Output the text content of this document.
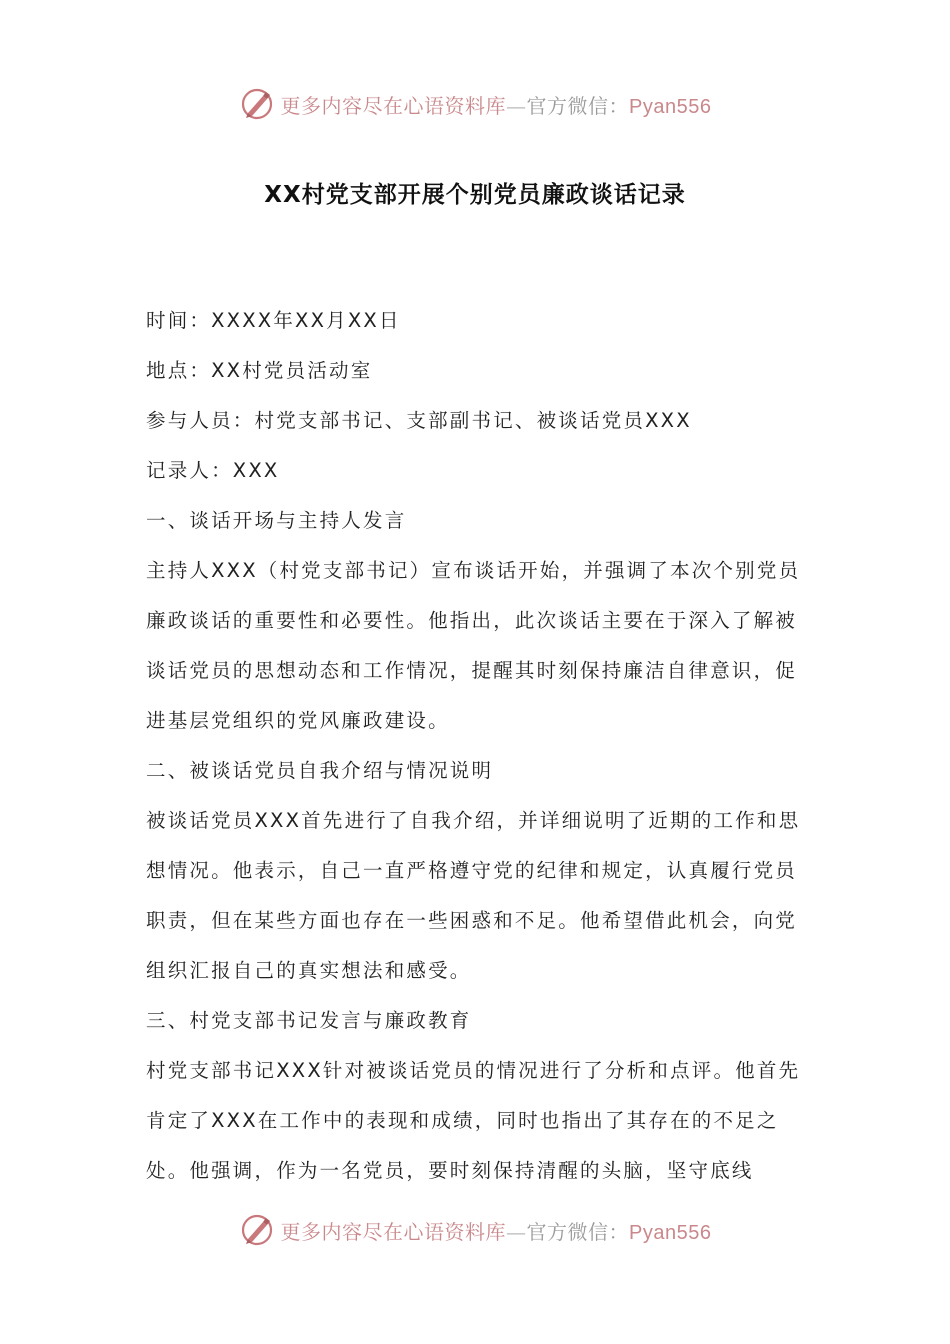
更多内容尽在心语资料库—官方微信：Pyan556
XX村党支部开展个别党员廉政谈话记录

时间：XXXX年XX月XX日

地点：XX村党员活动室

参与人员：村党支部书记、支部副书记、被谈话党员XXX

记录人：XXX

一、谈话开场与主持人发言

主持人XXX（村党支部书记）宣布谈话开始，并强调了本次个别党员廉政谈话的重要性和必要性。他指出，此次谈话主要在于深入了解被谈话党员的思想动态和工作情况，提醒其时刻保持廉洁自律意识，促进基层党组织的党风廉政建设。

二、被谈话党员自我介绍与情况说明

被谈话党员XXX首先进行了自我介绍，并详细说明了近期的工作和思想情况。他表示，自己一直严格遵守党的纪律和规定，认真履行党员职责，但在某些方面也存在一些困惑和不足。他希望借此机会，向党组织汇报自己的真实想法和感受。

三、村党支部书记发言与廉政教育

村党支部书记XXX针对被谈话党员的情况进行了分析和点评。他首先肯定了XXX在工作中的表现和成绩，同时也指出了其存在的不足之处。他强调，作为一名党员，要时刻保持清醒的头脑，坚守底线

更多内容尽在心语资料库—官方微信：Pyan556
